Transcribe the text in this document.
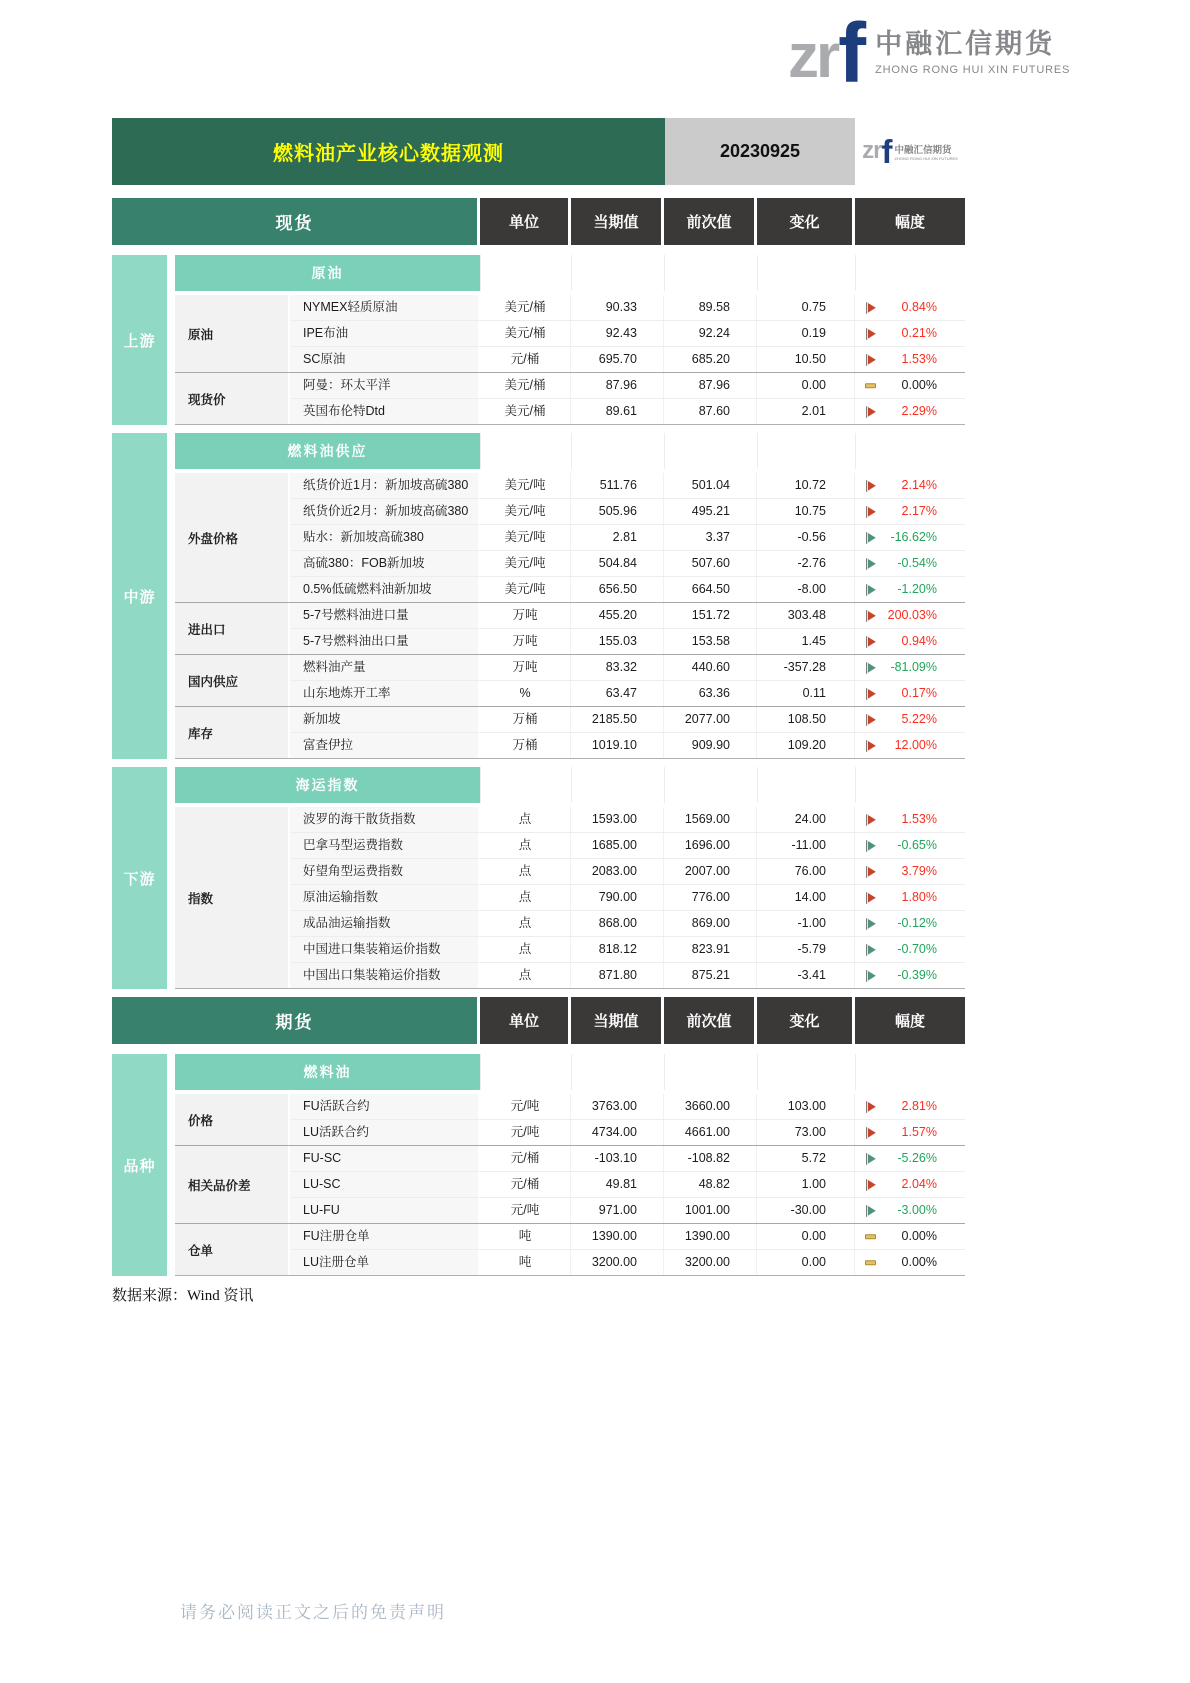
zr f 中融汇信期货
ZHONG RONG HUI XIN FUTURES
燃料油产业核心数据观测	20230925	zr f 中融汇信期货
ZHONG RONG HUI XIN FUTURES
现货	单位	当期值	前次值	变化	幅度
上游
原油
原油
NYMEX轻质原油	美元/桶	90.33	89.58	0.75	0.84%
IPE布油	美元/桶	92.43	92.24	0.19	0.21%
SC原油	元/桶	695.70	685.20	10.50	1.53%
现货价
阿曼：环太平洋	美元/桶	87.96	87.96	0.00	0.00%
英国布伦特Dtd	美元/桶	89.61	87.60	2.01	2.29%
中游
燃料油供应
外盘价格
纸货价近1月：新加坡高硫380	美元/吨	511.76	501.04	10.72	2.14%
纸货价近2月：新加坡高硫380	美元/吨	505.96	495.21	10.75	2.17%
贴水：新加坡高硫380	美元/吨	2.81	3.37	-0.56	-16.62%
高硫380：FOB新加坡	美元/吨	504.84	507.60	-2.76	-0.54%
0.5%低硫燃料油新加坡	美元/吨	656.50	664.50	-8.00	-1.20%
进出口
5-7号燃料油进口量	万吨	455.20	151.72	303.48	200.03%
5-7号燃料油出口量	万吨	155.03	153.58	1.45	0.94%
国内供应
燃料油产量	万吨	83.32	440.60	-357.28	-81.09%
山东地炼开工率	%	63.47	63.36	0.11	0.17%
库存
新加坡	万桶	2185.50	2077.00	108.50	5.22%
富查伊拉	万桶	1019.10	909.90	109.20	12.00%
下游
海运指数
指数
波罗的海干散货指数	点	1593.00	1569.00	24.00	1.53%
巴拿马型运费指数	点	1685.00	1696.00	-11.00	-0.65%
好望角型运费指数	点	2083.00	2007.00	76.00	3.79%
原油运输指数	点	790.00	776.00	14.00	1.80%
成品油运输指数	点	868.00	869.00	-1.00	-0.12%
中国进口集装箱运价指数	点	818.12	823.91	-5.79	-0.70%
中国出口集装箱运价指数	点	871.80	875.21	-3.41	-0.39%
期货	单位	当期值	前次值	变化	幅度
品种
燃料油
价格
FU活跃合约	元/吨	3763.00	3660.00	103.00	2.81%
LU活跃合约	元/吨	4734.00	4661.00	73.00	1.57%
相关品价差
FU-SC	元/桶	-103.10	-108.82	5.72	-5.26%
LU-SC	元/桶	49.81	48.82	1.00	2.04%
LU-FU	元/吨	971.00	1001.00	-30.00	-3.00%
仓单
FU注册仓单	吨	1390.00	1390.00	0.00	0.00%
LU注册仓单	吨	3200.00	3200.00	0.00	0.00%
数据来源：Wind 资讯
请务必阅读正文之后的免责声明
